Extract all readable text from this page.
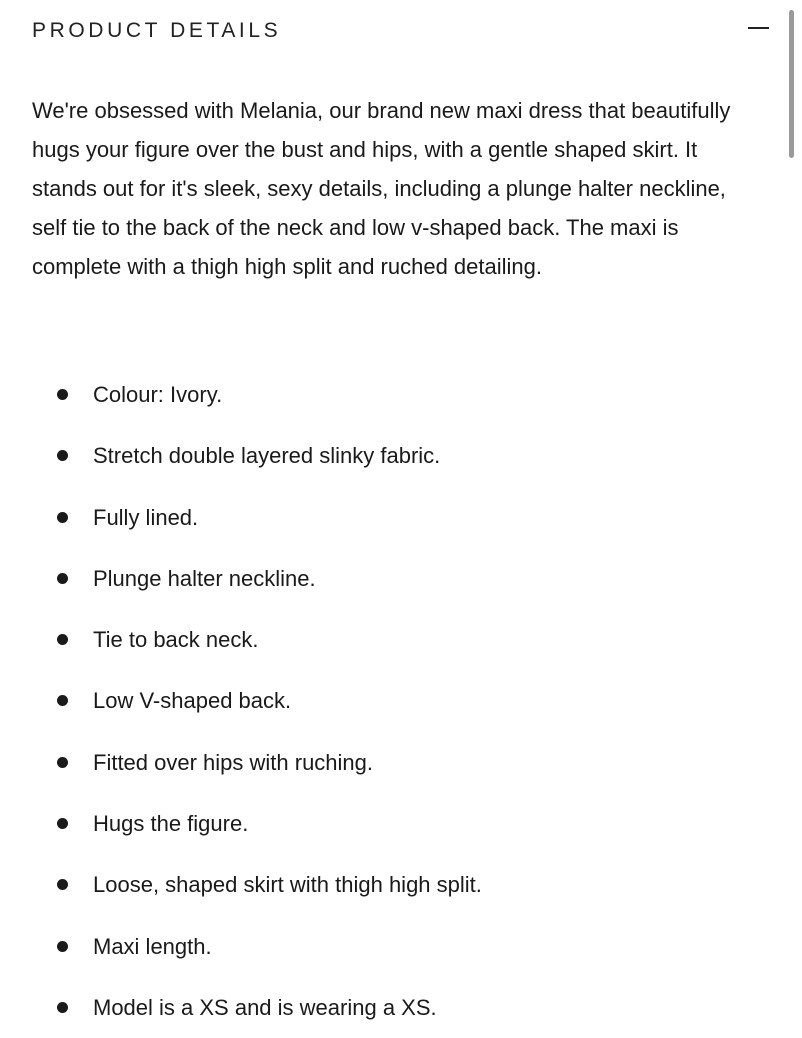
PRODUCT DETAILS

We're obsessed with Melania, our brand new maxi dress that beautifully hugs your figure over the bust and hips, with a gentle shaped skirt. It stands out for it's sleek, sexy details, including a plunge halter neckline, self tie to the back of the neck and low v-shaped back. The maxi is complete with a thigh high split and ruched detailing.

Colour: Ivory.
Stretch double layered slinky fabric.
Fully lined.
Plunge halter neckline.
Tie to back neck.
Low V-shaped back.
Fitted over hips with ruching.
Hugs the figure.
Loose, shaped skirt with thigh high split.
Maxi length.
Model is a XS and is wearing a XS.
